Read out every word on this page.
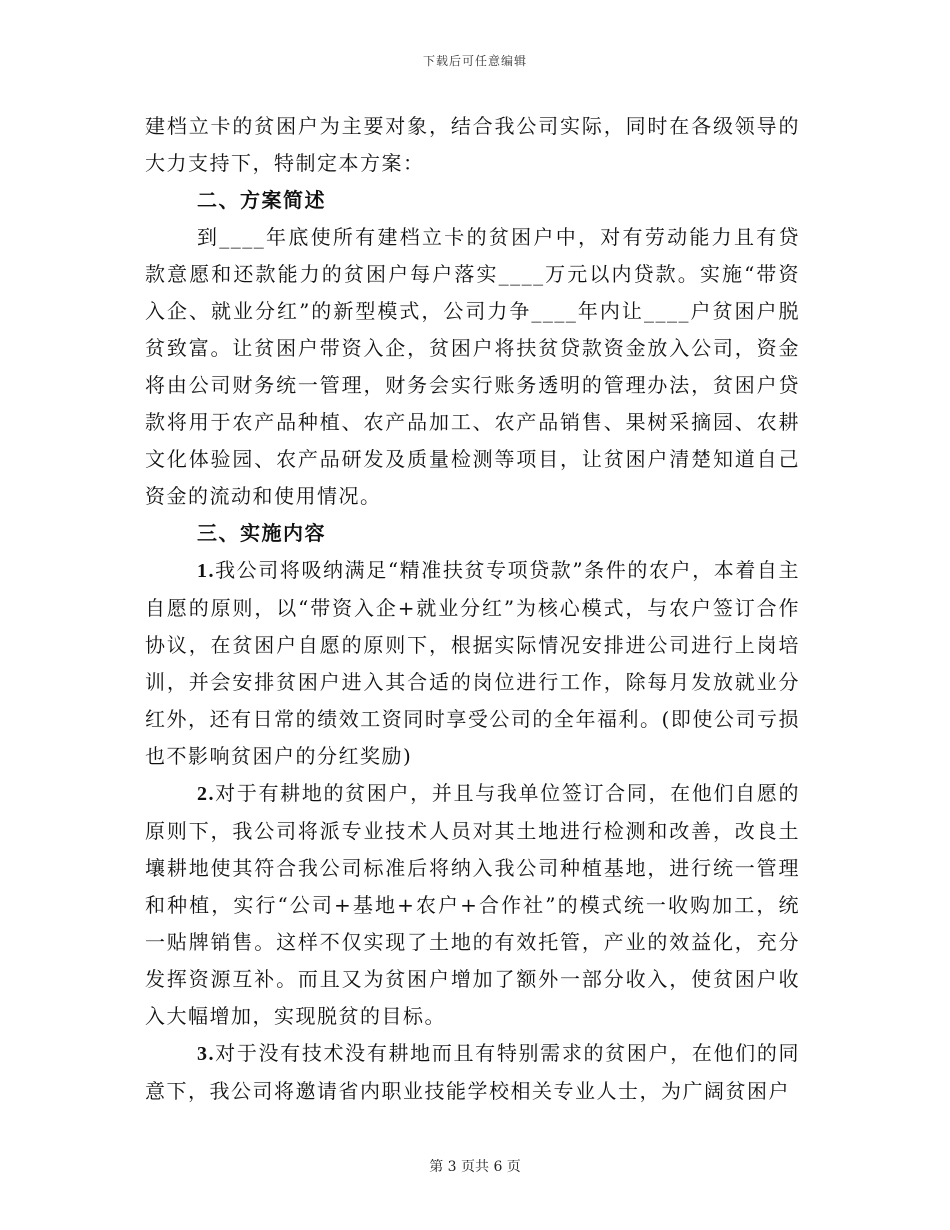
下载后可任意编辑

建档立卡的贫困户为主要对象，结合我公司实际，同时在各级领导的大力支持下，特制定本方案：

二、方案简述

到____年底使所有建档立卡的贫困户中，对有劳动能力且有贷款意愿和还款能力的贫困户每户落实____万元以内贷款。实施“带资入企、就业分红”的新型模式，公司力争____年内让____户贫困户脱贫致富。让贫困户带资入企，贫困户将扶贫贷款资金放入公司，资金将由公司财务统一管理，财务会实行账务透明的管理办法，贫困户贷款将用于农产品种植、农产品加工、农产品销售、果树采摘园、农耕文化体验园、农产品研发及质量检测等项目，让贫困户清楚知道自己资金的流动和使用情况。

三、实施内容

1.我公司将吸纳满足“精准扶贫专项贷款”条件的农户，本着自主自愿的原则，以“带资入企+就业分红”为核心模式，与农户签订合作协议，在贫困户自愿的原则下，根据实际情况安排进公司进行上岗培训，并会安排贫困户进入其合适的岗位进行工作，除每月发放就业分红外，还有日常的绩效工资同时享受公司的全年福利。(即使公司亏损也不影响贫困户的分红奖励)

2.对于有耕地的贫困户，并且与我单位签订合同，在他们自愿的原则下，我公司将派专业技术人员对其土地进行检测和改善，改良土壤耕地使其符合我公司标准后将纳入我公司种植基地，进行统一管理和种植，实行“公司+基地+农户+合作社”的模式统一收购加工，统一贴牌销售。这样不仅实现了土地的有效托管，产业的效益化，充分发挥资源互补。而且又为贫困户增加了额外一部分收入，使贫困户收入大幅增加，实现脱贫的目标。

3.对于没有技术没有耕地而且有特别需求的贫困户，在他们的同意下，我公司将邀请省内职业技能学校相关专业人士，为广阔贫困户

第 3 页共 6 页
